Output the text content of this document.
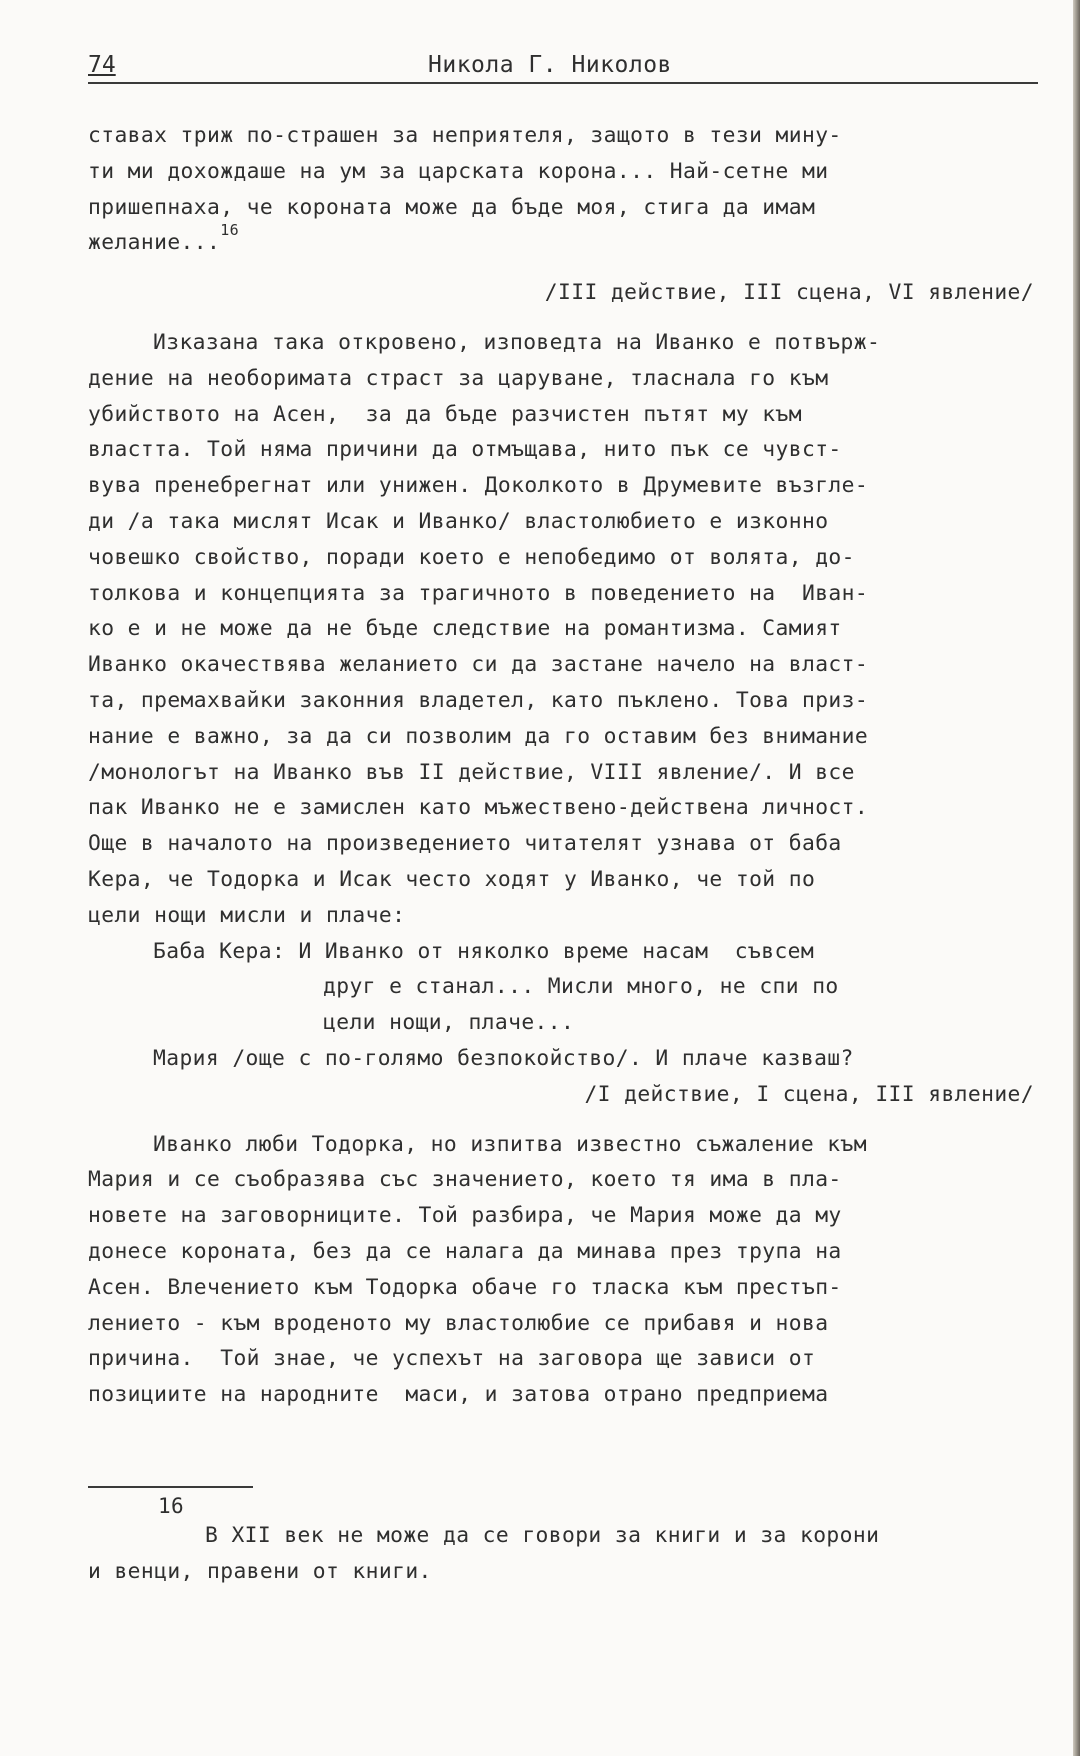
74	Никола Г. Николов
ставах триж по-страшен за неприятеля, защото в тези мину-
ти ми дохождаше на ум за царската корона... Най-сетне ми
пришепнаха, че короната може да бъде моя, стига да имам
желание...$^{16}$
/III действие, III сцена, VI явление/
Изказана така откровено, изповедта на Иванко е потвърж-
дение на необоримата страст за царуване, тласнала го към
убийството на Асен,  за да бъде разчистен пътят му към
властта. Той няма причини да отмъщава, нито пък се чувст-
вува пренебрегнат или унижен. Доколкото в Друмевите възгле-
ди /а така мислят Исак и Иванко/ властолюбието е изконно
човешко свойство, поради което е непобедимо от волята, до-
толкова и концепцията за трагичното в поведението на  Иван-
ко е и не може да не бъде следствие на романтизма. Самият
Иванко окачествява желанието си да застане начело на власт-
та, премахвайки законния владетел, като пъклено. Това приз-
нание е важно, за да си позволим да го оставим без внимание
/монологът на Иванко във II действие, VIII явление/. И все
пак Иванко не е замислен като мъжествено-действена личност.
Още в началото на произведението читателят узнава от баба
Кера, че Тодорка и Исак често ходят у Иванко, че той по
цели нощи мисли и плаче:
Баба Кера: И Иванко от няколко време насам  съвсем
друг е станал... Мисли много, не спи по
цели нощи, плаче...
Мария /още с по-голямо безпокойство/. И плаче казваш?
/I действие, I сцена, III явление/
Иванко люби Тодорка, но изпитва известно съжаление към
Мария и се съобразява със значението, което тя има в пла-
новете на заговорниците. Той разбира, че Мария може да му
донесе короната, без да се налага да минава през трупа на
Асен. Влечението към Тодорка обаче го тласка към престъп-
лението - към вроденото му властолюбие се прибавя и нова
причина.  Той знае, че успехът на заговора ще зависи от
позициите на народните  маси, и затова отрано предприема
16
В XII век не може да се говори за книги и за корони
и венци, правени от книги.
